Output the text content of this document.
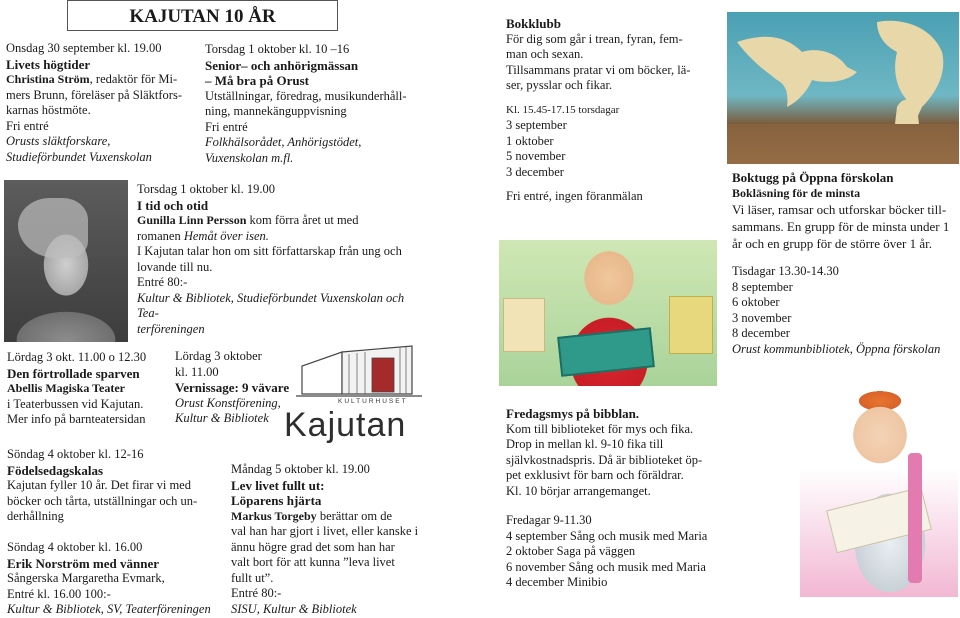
KAJUTAN 10 ÅR
Onsdag 30 september kl. 19.00
Livets högtider
Christina Ström, redaktör för Mi-
mers Brunn, föreläser på Släktfors-
karnas höstmöte.
Fri entré
Orusts släktforskare,
Studieförbundet Vuxenskolan
Torsdag 1 oktober kl. 10 –16
Senior– och anhörigmässan
– Må bra på Orust
Utställningar, föredrag, musikunderhåll-
ning, mannekänguppvisning
Fri entré
Folkhälsorådet, Anhörigstödet,
Vuxenskolan m.fl.
Torsdag 1 oktober kl. 19.00
I tid och otid
Gunilla Linn Persson kom förra året ut med
romanen Hemåt över isen.
I Kajutan talar hon om sitt författarskap från ung och
lovande till nu.
Entré 80:-
Kultur & Bibliotek, Studieförbundet Vuxenskolan och Tea-
terföreningen
Lördag 3 okt. 11.00 o 12.30
Den förtrollade sparven
Abellis Magiska Teater
i Teaterbussen vid Kajutan.
Mer info på barnteatersidan
Lördag 3 oktober
kl. 11.00
Vernissage: 9 vävare
Orust Konstförening,
Kultur & Bibliotek
KULTURHUSET
Kajutan
Söndag 4 oktober kl. 12-16
Födelsedagskalas
Kajutan fyller 10 år. Det firar vi med
böcker och tårta, utställningar och un-
derhållning
Söndag 4 oktober kl. 16.00
Erik Norström med vänner
Sångerska Margaretha Evmark,
Entré kl. 16.00 100:-
Kultur & Bibliotek, SV, Teaterföreningen
Måndag 5 oktober kl. 19.00
Lev livet fullt ut:
Löparens hjärta
Markus Torgeby berättar om de
val han har gjort i livet, eller kanske i
ännu högre grad det som han har
valt bort för att kunna ”leva livet
fullt ut”.
Entré 80:-
SISU, Kultur & Bibliotek
Bokklubb
För dig som går i trean, fyran, fem-
man och sexan.
Tillsammans pratar vi om böcker, lä-
ser, pysslar och fikar.
Kl. 15.45-17.15 torsdagar
3 september
1 oktober
5 november
3 december
Fri entré, ingen föranmälan
Boktugg på Öppna förskolan
Bokläsning för de minsta
Vi läser, ramsar och utforskar böcker till-
sammans. En grupp för de minsta under 1
år och en grupp för de större över 1 år.
Tisdagar 13.30-14.30
8 september
6 oktober
3 november
8 december
Orust kommunbibliotek, Öppna förskolan
Fredagsmys på bibblan.
Kom till biblioteket för mys och fika.
Drop in mellan kl. 9-10 fika till
självkostnadspris. Då är biblioteket öp-
pet exklusivt för barn och föräldrar.
Kl. 10 börjar arrangemanget.
Fredagar 9-11.30
4 september Sång och musik med Maria
2 oktober Saga på väggen
6 november Sång och musik med Maria
4 december Minibio
